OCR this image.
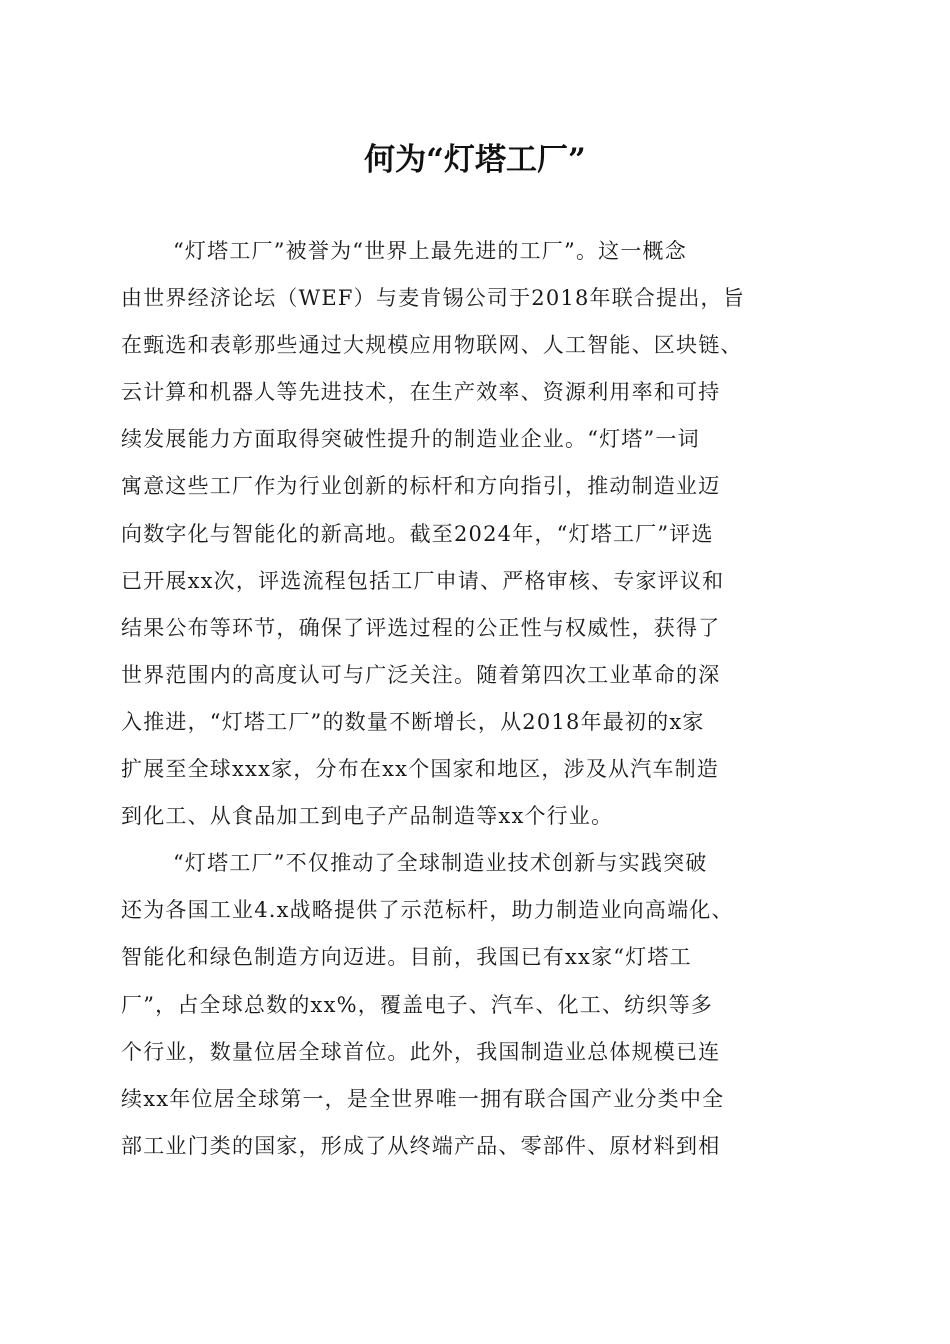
何为“灯塔工厂”
“灯塔工厂”被誉为“世界上最先进的工厂”。这一概念
由世界经济论坛（WEF）与麦肯锡公司于2018年联合提出，旨
在甄选和表彰那些通过大规模应用物联网、人工智能、区块链、
云计算和机器人等先进技术，在生产效率、资源利用率和可持
续发展能力方面取得突破性提升的制造业企业。“灯塔”一词
寓意这些工厂作为行业创新的标杆和方向指引，推动制造业迈
向数字化与智能化的新高地。截至2024年，“灯塔工厂”评选
已开展xx次，评选流程包括工厂申请、严格审核、专家评议和
结果公布等环节，确保了评选过程的公正性与权威性，获得了
世界范围内的高度认可与广泛关注。随着第四次工业革命的深
入推进，“灯塔工厂”的数量不断增长，从2018年最初的x家
扩展至全球xxx家，分布在xx个国家和地区，涉及从汽车制造
到化工、从食品加工到电子产品制造等xx个行业。
“灯塔工厂”不仅推动了全球制造业技术创新与实践突破
还为各国工业4.x战略提供了示范标杆，助力制造业向高端化、
智能化和绿色制造方向迈进。目前，我国已有xx家“灯塔工
厂”，占全球总数的xx%，覆盖电子、汽车、化工、纺织等多
个行业，数量位居全球首位。此外，我国制造业总体规模已连
续xx年位居全球第一，是全世界唯一拥有联合国产业分类中全
部工业门类的国家，形成了从终端产品、零部件、原材料到相
